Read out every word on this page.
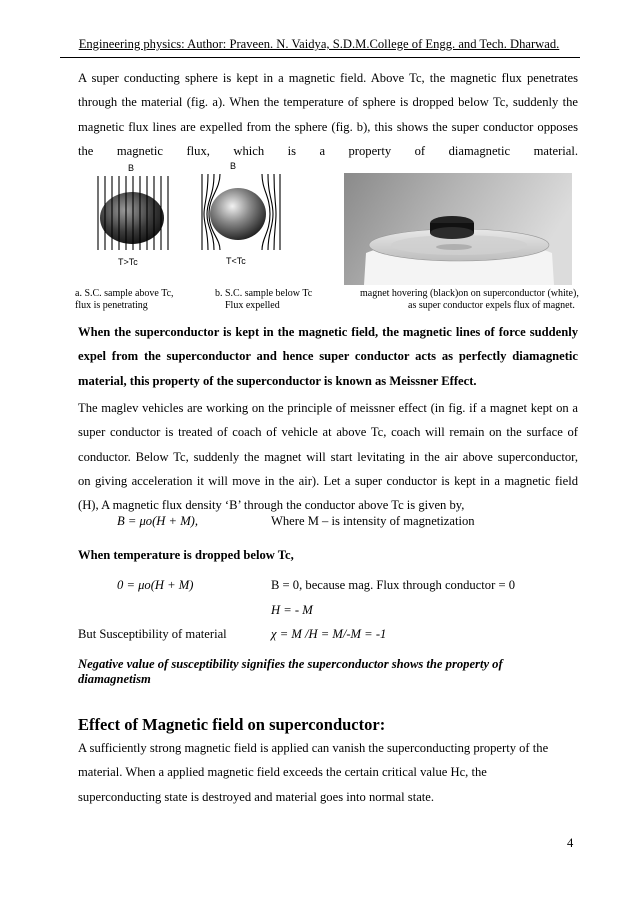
Engineering physics: Author: Praveen. N. Vaidya, S.D.M.College of Engg. and Tech. Dharwad.
A super conducting sphere is kept in a magnetic field. Above Tc, the magnetic flux penetrates
through the material (fig. a). When the temperature of sphere is dropped below Tc, suddenly the
magnetic flux lines are expelled from the sphere (fig. b), this shows the super conductor opposes
the magnetic flux, which is a property of diamagnetic material.
B
T>Tc
B
T<Tc
a. S.C. sample above Tc,
flux is penetrating
b. S.C. sample below Tc
Flux expelled
magnet hovering (black)on on superconductor (white),
as super conductor expels flux of magnet.
When the superconductor is kept in the magnetic field, the magnetic lines of force suddenly
expel from the superconductor and hence super conductor acts as perfectly diamagnetic
material, this property of the superconductor is known as Meissner Effect.
The maglev vehicles are working on the principle of meissner effect (in fig. if a magnet kept on a
super conductor is treated of coach of vehicle at above Tc, coach will remain on the surface of
conductor. Below Tc, suddenly the magnet will start levitating in the air above superconductor,
on giving acceleration it will move in the air). Let a super conductor is kept in a magnetic field
(H), A magnetic flux density ‘B’ through the conductor above Tc is given by,
B = μo(H + M),	Where M – is intensity of magnetization
When temperature is dropped below Tc,
0 = μo(H + M)	B = 0, because mag. Flux through conductor = 0
H = - M
But Susceptibility of material	χ = M /H = M/-M = -1
Negative value of susceptibility signifies the superconductor shows the property of
diamagnetism
Effect of Magnetic field on superconductor:
A sufficiently strong magnetic field is applied can vanish the superconducting property of the
material. When a applied magnetic field exceeds the certain critical value Hc, the
superconducting state is destroyed and material goes into normal state.
4
